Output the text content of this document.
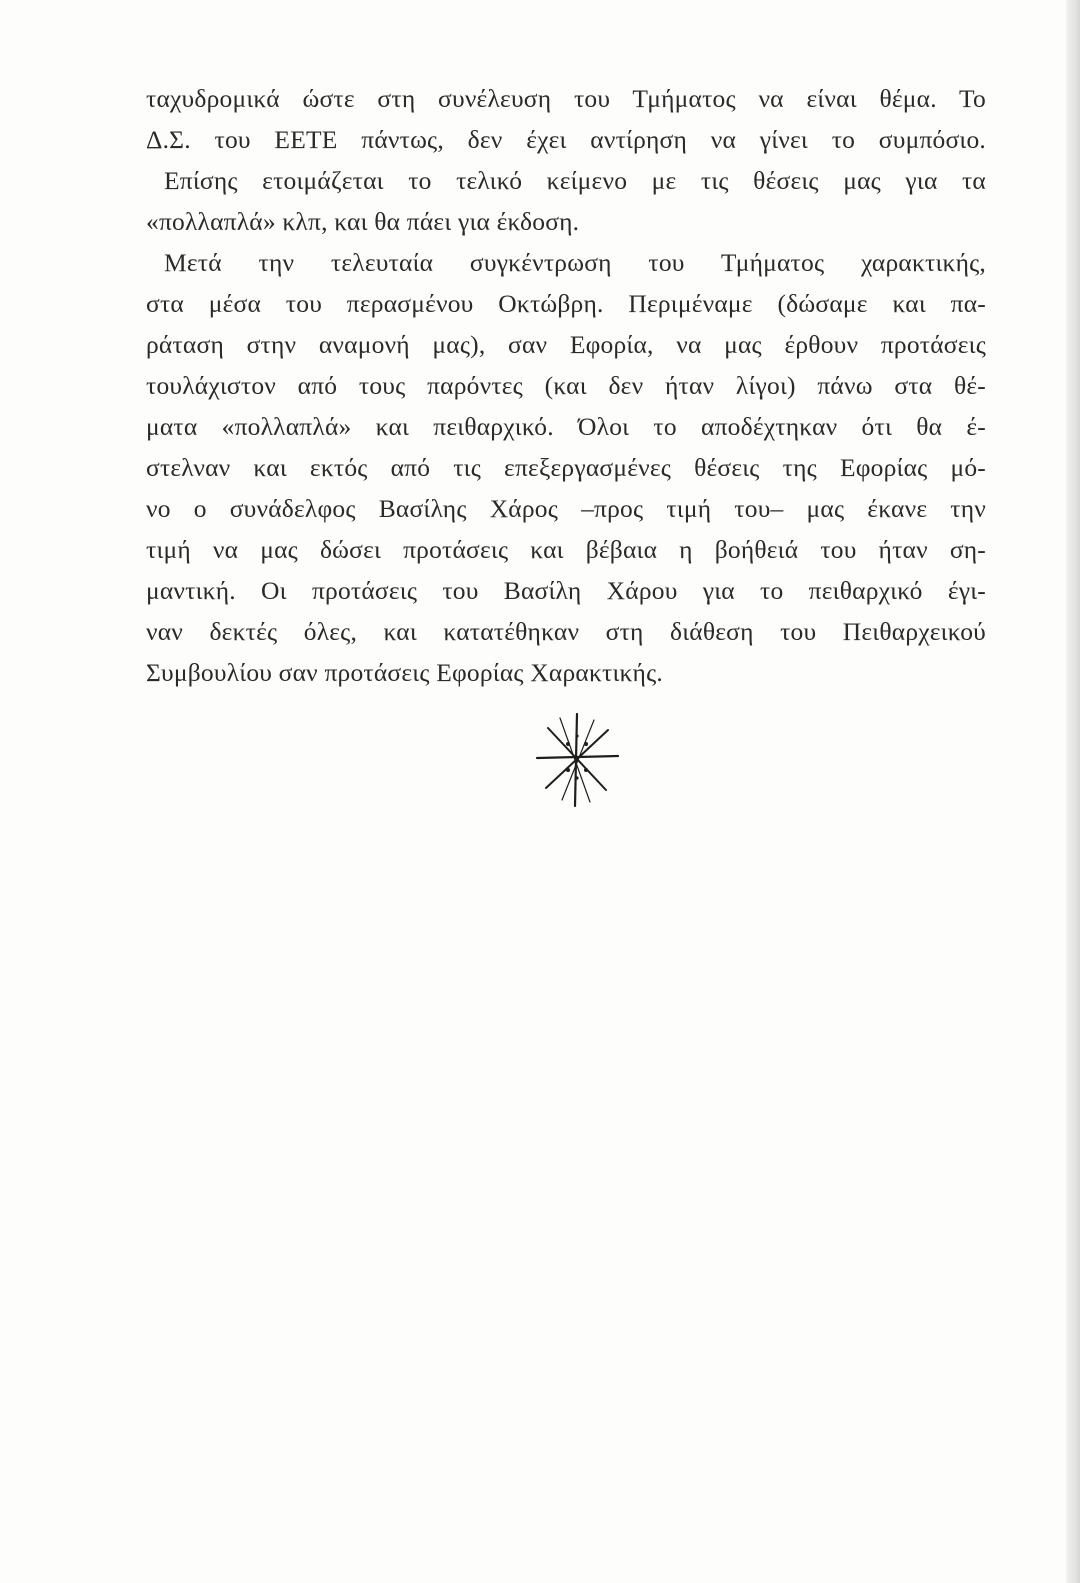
ταχυδρομικά ώστε στη συνέλευση του Τμήματος να είναι θέμα. Το
Δ.Σ. του ΕΕΤΕ πάντως, δεν έχει αντίρηση να γίνει το συμπόσιο.
Επίσης ετοιμάζεται το τελικό κείμενο με τις θέσεις μας για τα
«πολλαπλά» κλπ, και θα πάει για έκδοση.
Μετά την τελευταία συγκέντρωση του Τμήματος χαρακτικής,
στα μέσα του περασμένου Οκτώβρη. Περιμέναμε (δώσαμε και πα-
ράταση στην αναμονή μας), σαν Εφορία, να μας έρθουν προτάσεις
τουλάχιστον από τους παρόντες (και δεν ήταν λίγοι) πάνω στα θέ-
ματα «πολλαπλά» και πειθαρχικό. Όλοι το αποδέχτηκαν ότι θα έ-
στελναν και εκτός από τις επεξεργασμένες θέσεις της Εφορίας μό-
νο ο συνάδελφος Βασίλης Χάρος –προς τιμή του– μας έκανε την
τιμή να μας δώσει προτάσεις και βέβαια η βοήθειά του ήταν ση-
μαντική. Οι προτάσεις του Βασίλη Χάρου για το πειθαρχικό έγι-
ναν δεκτές όλες, και κατατέθηκαν στη διάθεση του Πειθαρχεικού
Συμβουλίου σαν προτάσεις Εφορίας Χαρακτικής.
